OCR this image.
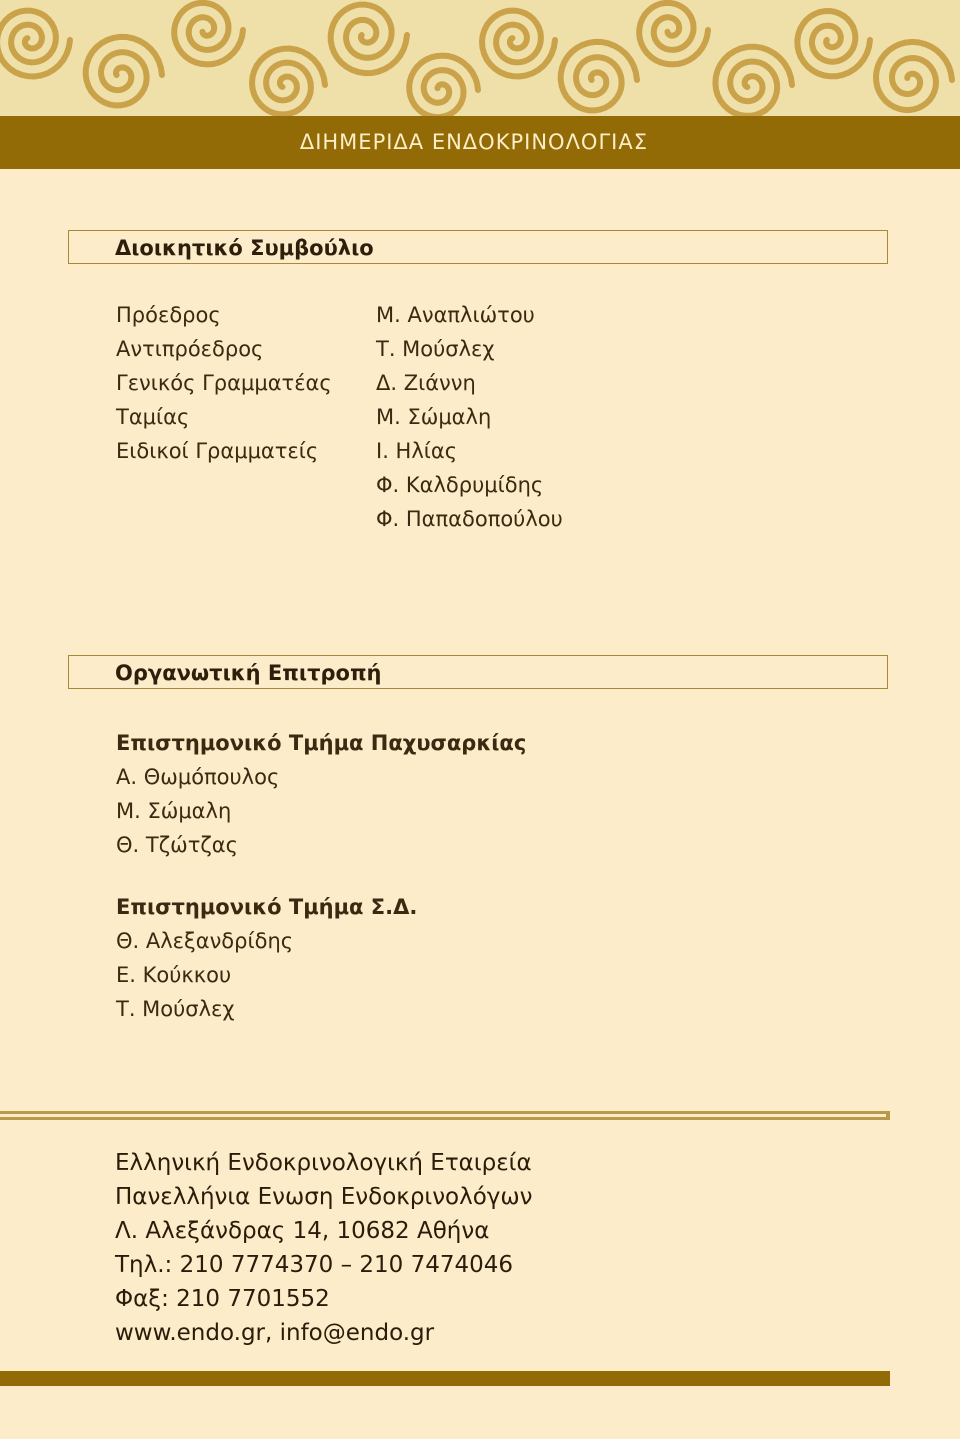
ΔΙΗΜΕΡΙΔΑ ΕΝΔΟΚΡΙΝΟΛΟΓΙΑΣ
Διοικητικό Συμβούλιο
Πρόεδρος
Αντιπρόεδρος
Γενικός Γραμματέας
Ταμίας
Ειδικοί Γραμματείς
Μ. Αναπλιώτου
Τ. Μούσλεχ
Δ. Ζιάννη
Μ. Σώμαλη
Ι. Ηλίας
Φ. Καλδρυμίδης
Φ. Παπαδοπούλου
Οργανωτική Επιτροπή
Επιστημονικό Τμήμα Παχυσαρκίας
Α. Θωμόπουλος
Μ. Σώμαλη
Θ. Τζώτζας
Επιστημονικό Τμήμα Σ.Δ.
Θ. Αλεξανδρίδης
Ε. Κούκκου
Τ. Μούσλεχ
Ελληνική Ενδοκρινολογική Εταιρεία
Πανελλήνια Ενωση Ενδοκρινολόγων
Λ. Αλεξάνδρας 14, 10682 Αθήνα
Τηλ.: 210 7774370 – 210 7474046
Φαξ: 210 7701552
www.endo.gr, info@endo.gr
